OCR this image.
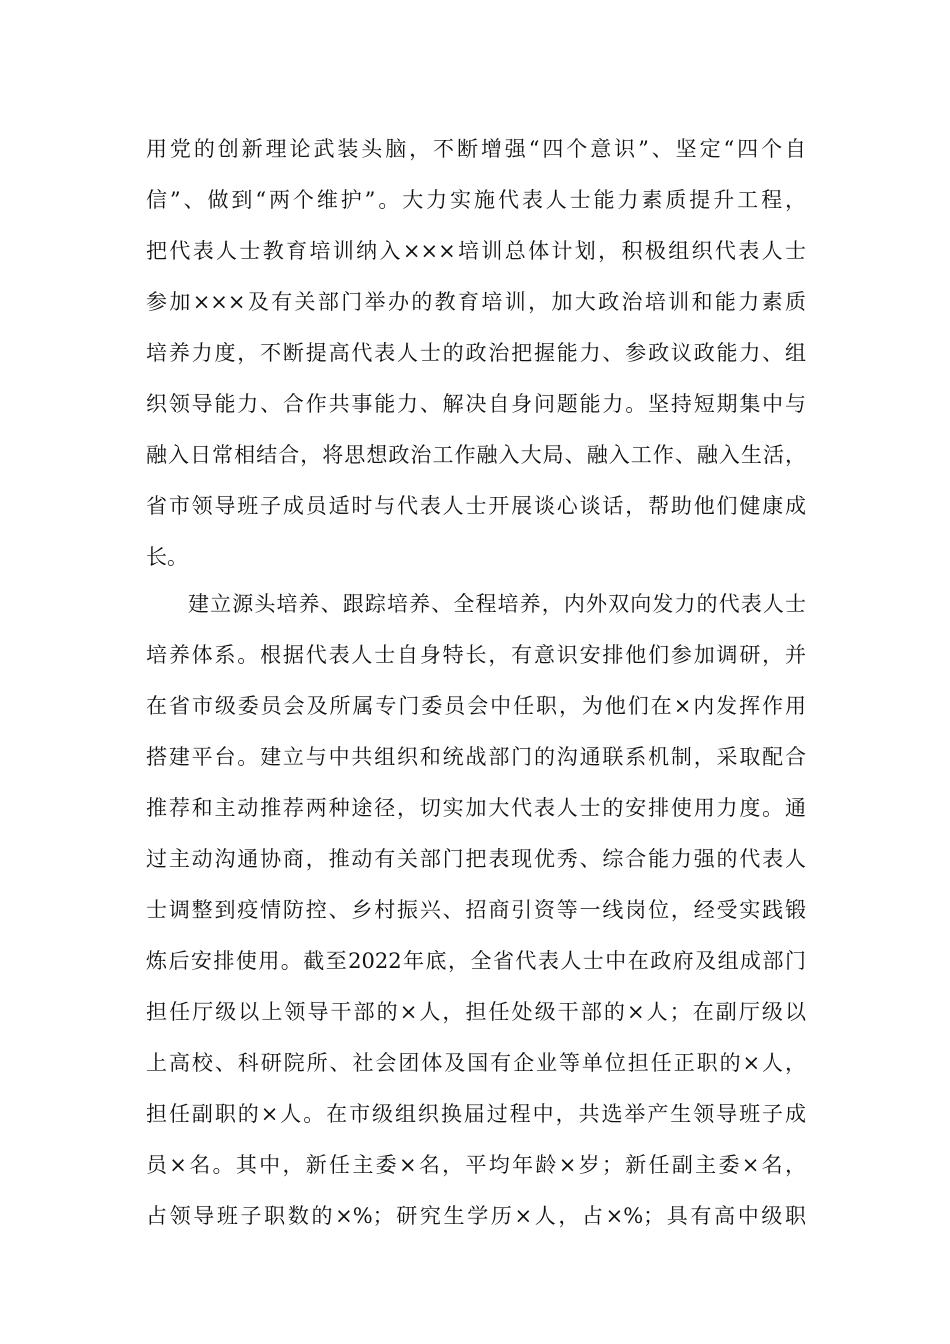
用党的创新理论武装头脑，不断增强“四个意识”、坚定“四个自
信”、做到“两个维护”。大力实施代表人士能力素质提升工程，
把代表人士教育培训纳入×××培训总体计划，积极组织代表人士
参加×××及有关部门举办的教育培训，加大政治培训和能力素质
培养力度，不断提高代表人士的政治把握能力、参政议政能力、组
织领导能力、合作共事能力、解决自身问题能力。坚持短期集中与
融入日常相结合，将思想政治工作融入大局、融入工作、融入生活，
省市领导班子成员适时与代表人士开展谈心谈话，帮助他们健康成
长。
建立源头培养、跟踪培养、全程培养，内外双向发力的代表人士
培养体系。根据代表人士自身特长，有意识安排他们参加调研，并
在省市级委员会及所属专门委员会中任职，为他们在×内发挥作用
搭建平台。建立与中共组织和统战部门的沟通联系机制，采取配合
推荐和主动推荐两种途径，切实加大代表人士的安排使用力度。通
过主动沟通协商，推动有关部门把表现优秀、综合能力强的代表人
士调整到疫情防控、乡村振兴、招商引资等一线岗位，经受实践锻
炼后安排使用。截至2022年底，全省代表人士中在政府及组成部门
担任厅级以上领导干部的×人，担任处级干部的×人；在副厅级以
上高校、科研院所、社会团体及国有企业等单位担任正职的×人，
担任副职的×人。在市级组织换届过程中，共选举产生领导班子成
员×名。其中，新任主委×名，平均年龄×岁；新任副主委×名，
占领导班子职数的×%；研究生学历×人，占×%；具有高中级职
